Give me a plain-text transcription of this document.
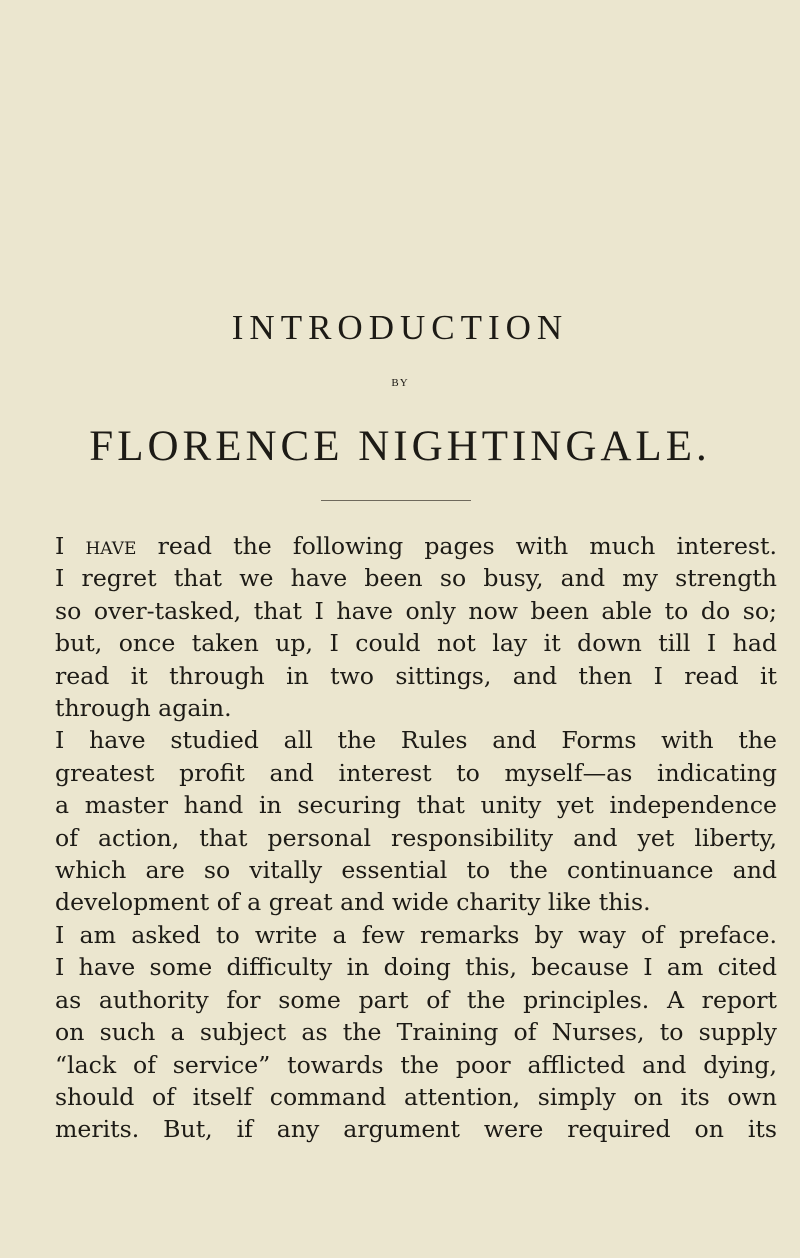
INTRODUCTION
BY
FLORENCE NIGHTINGALE.
I have read the following pages with much interest.
I regret that we have been so busy, and my strength
so over-tasked, that I have only now been able to do so;
but, once taken up, I could not lay it down till I had
read it through in two sittings, and then I read it
through again.
I have studied all the Rules and Forms with the
greatest profit and interest to myself—as indicating
a master hand in securing that unity yet independence
of action, that personal responsibility and yet liberty,
which are so vitally essential to the continuance and
development of a great and wide charity like this.
I am asked to write a few remarks by way of preface.
I have some difficulty in doing this, because I am cited
as authority for some part of the principles. A report
on such a subject as the Training of Nurses, to supply
“lack of service” towards the poor afflicted and dying,
should of itself command attention, simply on its own
merits. But, if any argument were required on its
